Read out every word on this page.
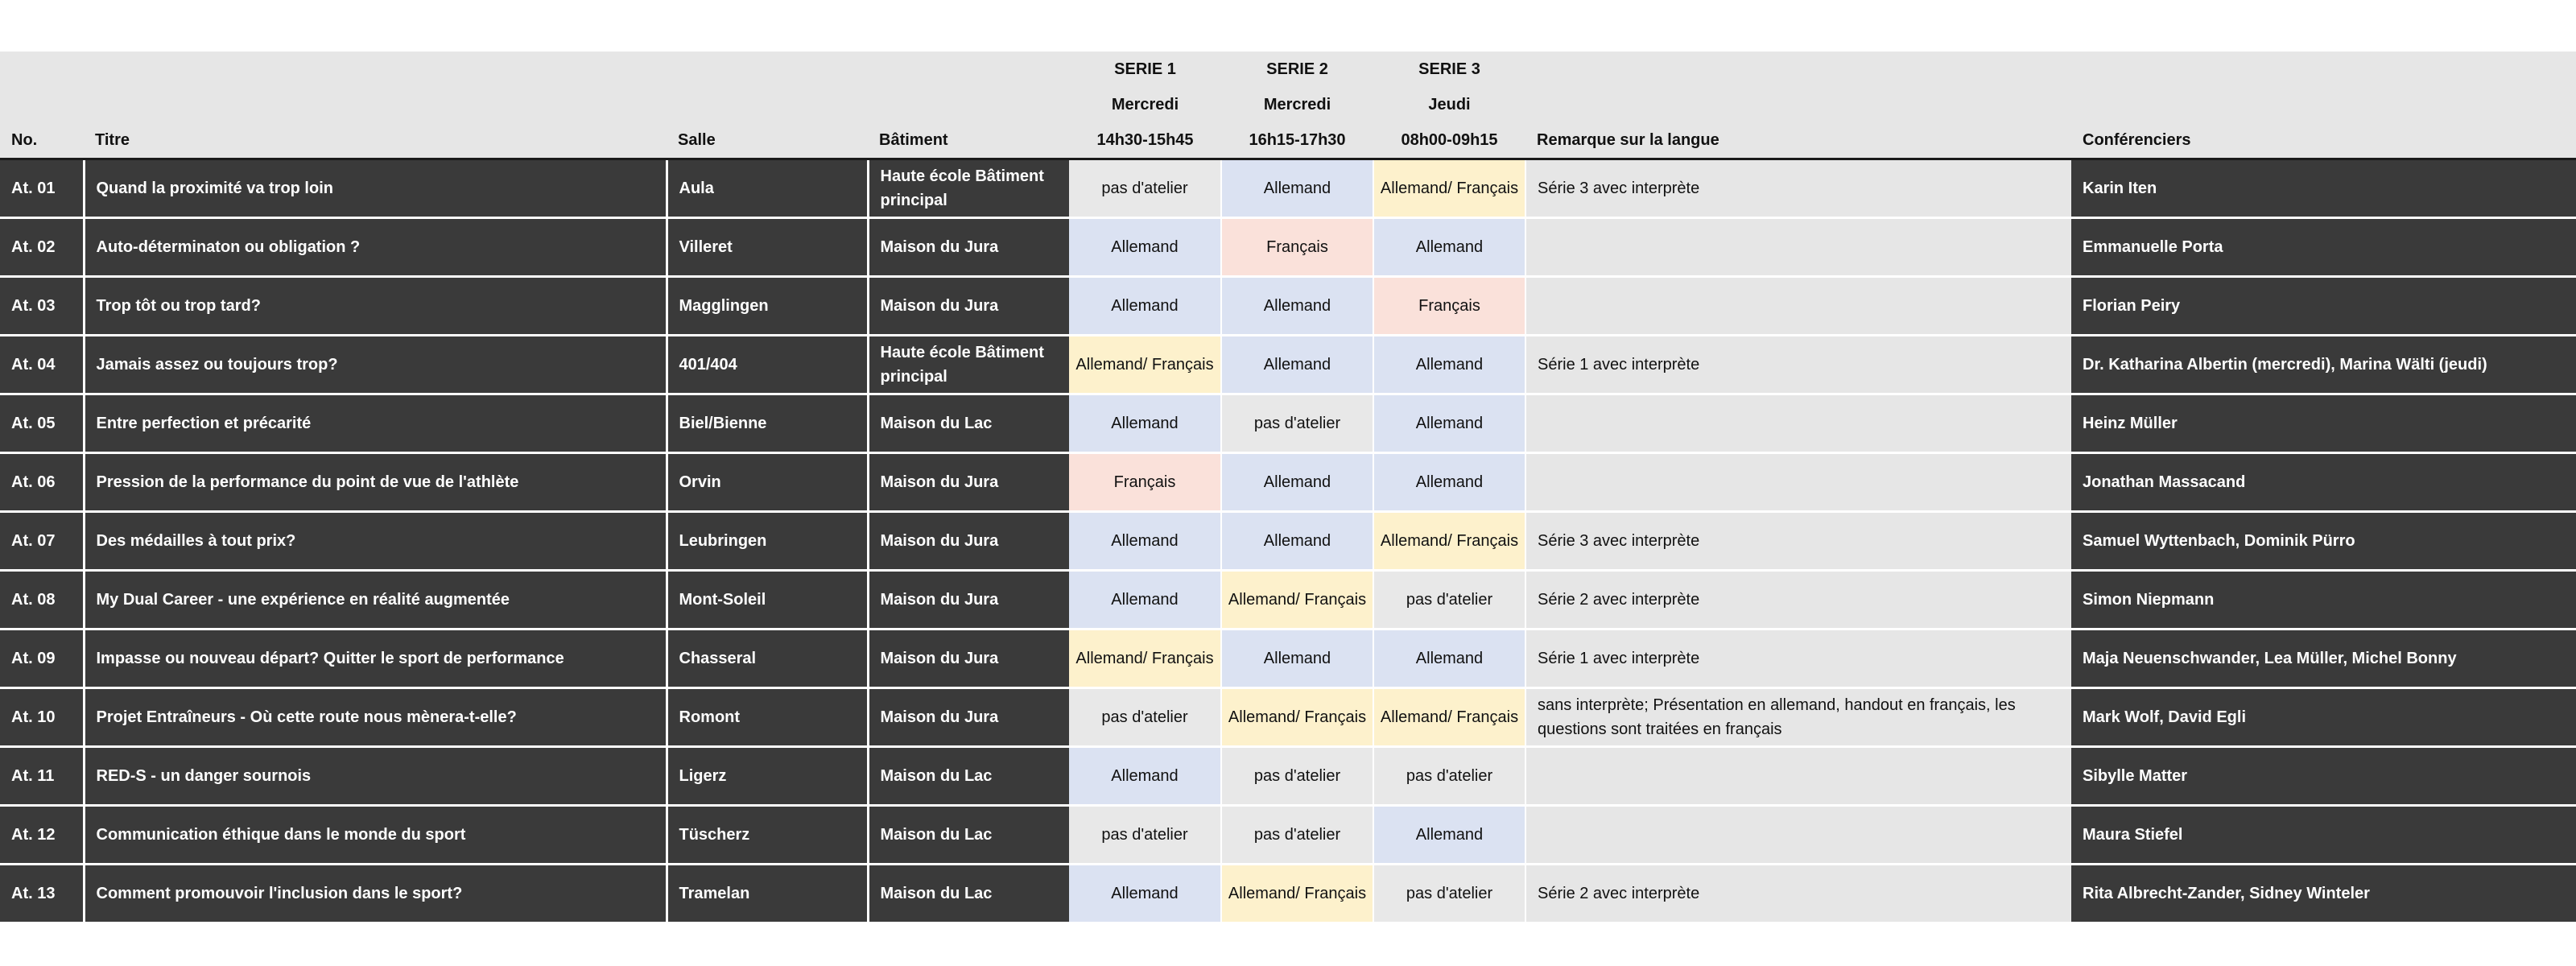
				SERIE 1	SERIE 2	SERIE 3		
				Mercredi	Mercredi	Jeudi		
No.	Titre	Salle	Bâtiment	14h30-15h45	16h15-17h30	08h00-09h15	Remarque sur la langue	Conférenciers
At. 01	Quand la proximité va trop loin	Aula	Haute école Bâtiment principal	pas d'atelier	Allemand	Allemand/ Français	Série 3 avec interprète	Karin Iten
At. 02	Auto-déterminaton ou obligation ?	Villeret	Maison du Jura	Allemand	Français	Allemand		Emmanuelle Porta
At. 03	Trop tôt ou trop tard?	Magglingen	Maison du Jura	Allemand	Allemand	Français		Florian Peiry
At. 04	Jamais assez ou toujours trop?	401/404	Haute école Bâtiment principal	Allemand/ Français	Allemand	Allemand	Série 1 avec interprète	Dr. Katharina Albertin (mercredi), Marina Wälti (jeudi)
At. 05	Entre perfection et précarité	Biel/Bienne	Maison du Lac	Allemand	pas d'atelier	Allemand		Heinz Müller
At. 06	Pression de la performance du point de vue de l'athlète	Orvin	Maison du Jura	Français	Allemand	Allemand		Jonathan Massacand
At. 07	Des médailles à tout prix?	Leubringen	Maison du Jura	Allemand	Allemand	Allemand/ Français	Série 3 avec interprète	Samuel Wyttenbach, Dominik Pürro
At. 08	My Dual Career - une expérience en réalité augmentée	Mont-Soleil	Maison du Jura	Allemand	Allemand/ Français	pas d'atelier	Série 2 avec interprète	Simon Niepmann
At. 09	Impasse ou nouveau départ? Quitter le sport de performance	Chasseral	Maison du Jura	Allemand/ Français	Allemand	Allemand	Série 1 avec interprète	Maja Neuenschwander, Lea Müller, Michel Bonny
At. 10	Projet Entraîneurs - Où cette route nous mènera-t-elle?	Romont	Maison du Jura	pas d'atelier	Allemand/ Français	Allemand/ Français	sans interprète; Présentation en allemand, handout en français, les questions sont traitées en français	Mark Wolf, David Egli
At. 11	RED-S - un danger sournois	Ligerz	Maison du Lac	Allemand	pas d'atelier	pas d'atelier		Sibylle Matter
At. 12	Communication éthique dans le monde du sport	Tüscherz	Maison du Lac	pas d'atelier	pas d'atelier	Allemand		Maura Stiefel
At. 13	Comment promouvoir l'inclusion dans le sport?	Tramelan	Maison du Lac	Allemand	Allemand/ Français	pas d'atelier	Série 2 avec interprète	Rita Albrecht-Zander, Sidney Winteler
